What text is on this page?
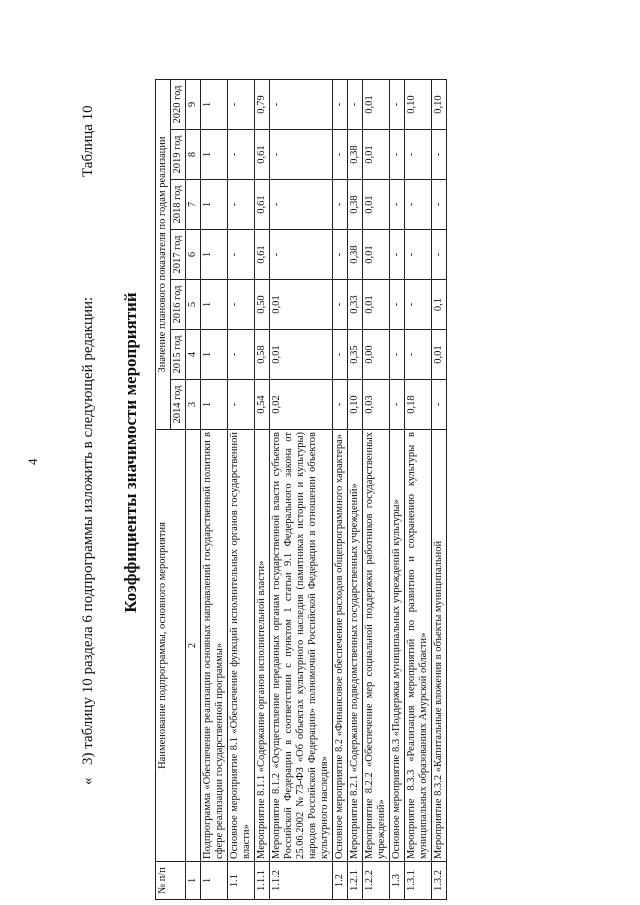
4
«
3) таблицу 10 раздела 6 подпрограммы изложить в следующей редакции:
Таблица 10
Коэффициенты значимости мероприятий
№ п/п	Наименование подпрограммы, основного мероприятия	Значение планового показателя по годам реализации						
		2014 год	2015 год	2016 год	2017 год	2018 год	2019 год	2020 год
1	2	3	4	5	6	7	8	9
1	Подпрограмма «Обеспечение реализации основных направлений государственной политики в сфере реализации государственной программы»	1	1	1	1	1	1	1
1.1	Основное мероприятие 8.1 «Обеспечение функций исполнительных органов государственной власти»	-	-	-	-	-	-	-
1.1.1	Мероприятие 8.1.1 «Содержание органов исполнительной власти»	0,54	0,58	0,50	0,61	0,61	0,61	0,79
1.1.2	Мероприятие 8.1.2 «Осуществление переданных органам государственной власти субъектов Российской Федерации в соответствии с пунктом 1 статьи 9.1 Федерального закона от 25.06.2002 №73-ФЗ «Об объектах культурного наследия (памятниках истории и культуры) народов Российской Федерации» полномочий Российской Федерации в отношении объектов культурного наследия»	0,02	0,01	0,01	-	-	-	-
1.2	Основное мероприятие 8.2 «Финансовое обеспечение расходов общепрограммного характера»	-	-	-	-	-	-	-
1.2.1	Мероприятие 8.2.1 «Содержание подведомственных государственных учреждений»	0,10	0,35	0,33	0,38	0,38	0,38	-
1.2.2	Мероприятие 8.2.2 «Обеспечение мер социальной поддержки работников государственных учреждений»	0,03	0,00	0,01	0,01	0,01	0,01	0,01
1.3	Основное мероприятие 8.3 «Поддержка муниципальных учреждений культуры»	-	-	-	-	-	-	-
1.3.1	Мероприятие 8.3.3 «Реализация мероприятий по развитию и сохранению культуры в муниципальных образованиях Амурской области»	0,18	-	-	-	-	-	0,10
1.3.2	Мероприятие 8.3.2 «Капитальные вложения в объекты муниципальной	-	0,01	0,1	-	-	-	0,10
